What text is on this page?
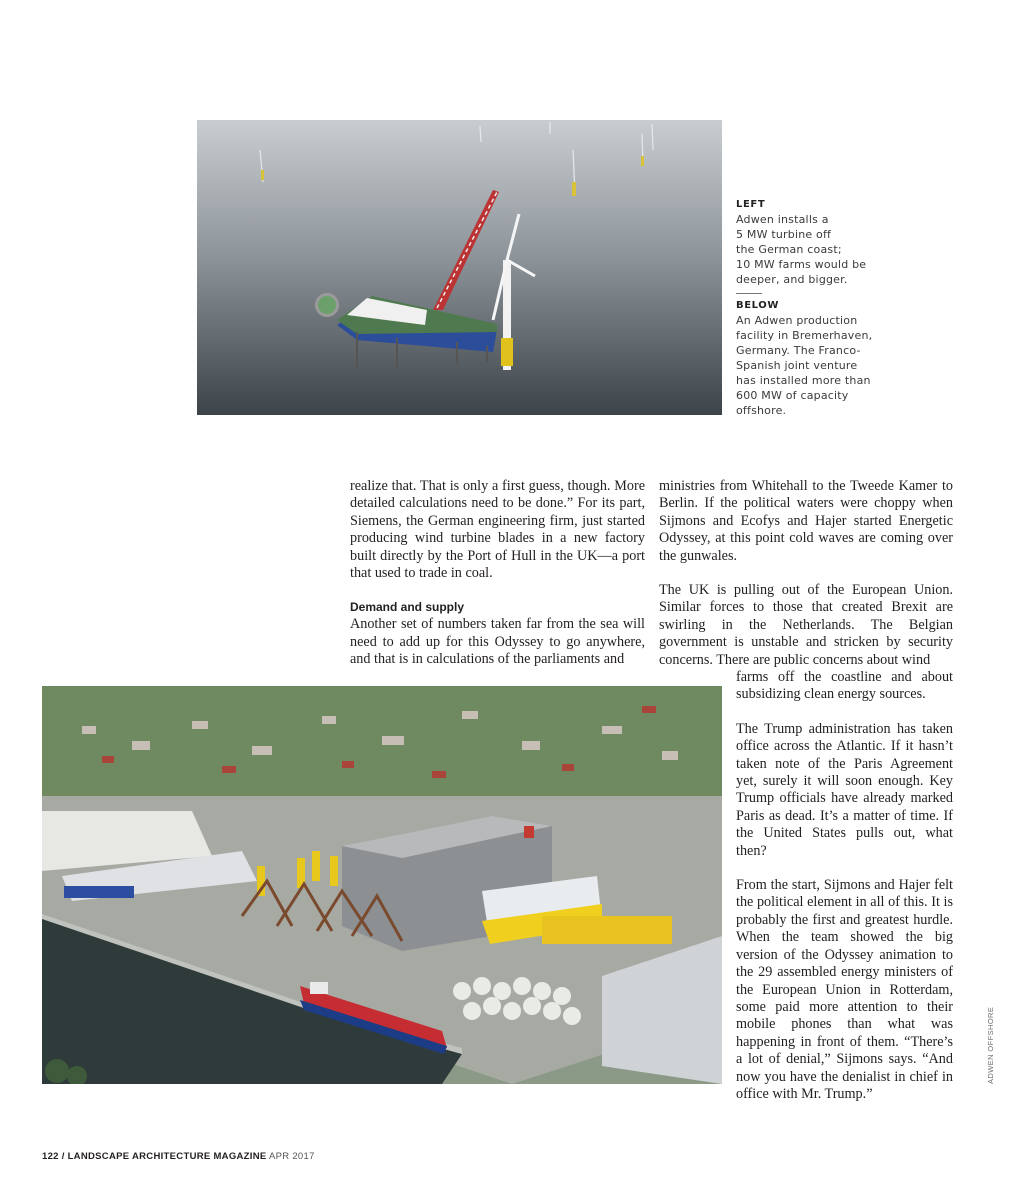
LEFT
Adwen installs a
5 MW turbine off
the German coast;
10 MW farms would be
deeper, and bigger.
BELOW
An Adwen production
facility in Bremerhaven,
Germany. The Franco-
Spanish joint venture
has installed more than
600 MW of capacity
offshore.

realize that. That is only a first guess, though. More detailed calculations need to be done.” For its part, Siemens, the German engineering firm, just started producing wind turbine blades in a new factory built directly by the Port of Hull in the UK—a port that used to trade in coal.

Demand and supply

Another set of numbers taken far from the sea will need to add up for this Odyssey to go anywhere, and that is in calculations of the parliaments and

ministries from Whitehall to the Tweede Kamer to Berlin. If the political waters were choppy when Sijmons and Ecofys and Hajer started Energetic Odyssey, at this point cold waves are coming over the gunwales.

The UK is pulling out of the European Union. Similar forces to those that created Brexit are swirling in the Netherlands. The Belgian government is unstable and stricken by security concerns. There are public concerns about wind

farms off the coastline and about subsidizing clean energy sources.

The Trump administration has taken office across the Atlantic. If it hasn’t taken note of the Paris Agreement yet, surely it will soon enough. Key Trump officials have already marked Paris as dead. It’s a matter of time. If the United States pulls out, what then?

From the start, Sijmons and Hajer felt the political element in all of this. It is probably the first and greatest hurdle. When the team showed the big version of the Odyssey animation to the 29 assembled energy ministers of the European Union in Rotterdam, some paid more attention to their mobile phones than what was happening in front of them. “There’s a lot of denial,” Sijmons says. “And now you have the denialist in chief in office with Mr. Trump.”

ADWEN OFFSHORE
122 / LANDSCAPE ARCHITECTURE MAGAZINE APR 2017
